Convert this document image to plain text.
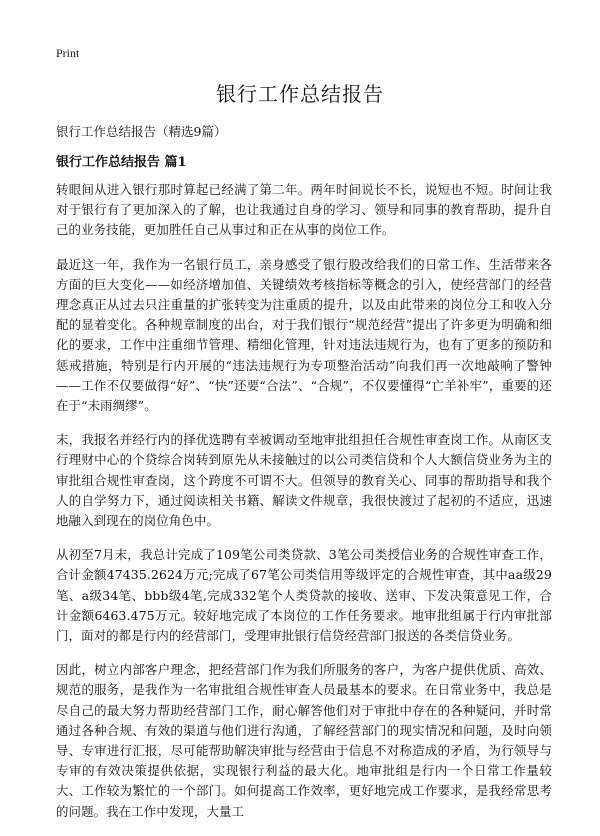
Print
银行工作总结报告

银行工作总结报告（精选9篇）

银行工作总结报告 篇1

转眼间从进入银行那时算起已经满了第二年。两年时间说长不长，说短也不短。时间让我对于银行有了更加深入的了解，也让我通过自身的学习、领导和同事的教育帮助，提升自己的业务技能，更加胜任自己从事过和正在从事的岗位工作。

最近这一年，我作为一名银行员工，亲身感受了银行股改给我们的日常工作、生活带来各方面的巨大变化——如经济增加值、关键绩效考核指标等概念的引入，使经营部门的经营理念真正从过去只注重量的扩张转变为注重质的提升，以及由此带来的岗位分工和收入分配的显着变化。各种规章制度的出台，对于我们银行“规范经营”提出了许多更为明确和细化的要求，工作中注重细节管理、精细化管理，针对违法违规行为，也有了更多的预防和惩戒措施，特别是行内开展的“违法违规行为专项整治活动”向我们再一次地敲响了警钟——工作不仅要做得“好”、“快”还要“合法”、“合规”，不仅要懂得“亡羊补牢”，重要的还在于“未雨绸缪”。

末，我报名并经行内的择优选聘有幸被调动至地审批组担任合规性审查岗工作。从南区支行理财中心的个贷综合岗转到原先从未接触过的以公司类信贷和个人大额信贷业务为主的审批组合规性审查岗，这个跨度不可谓不大。但领导的教育关心、同事的帮助指导和我个人的自学努力下，通过阅读相关书籍、解读文件规章，我很快渡过了起初的不适应，迅速地融入到现在的岗位角色中。

从初至7月末，我总计完成了109笔公司类贷款、3笔公司类授信业务的合规性审查工作，合计金额47435.2624万元;完成了67笔公司类信用等级评定的合规性审查，其中aa级29笔、a级34笔、bbb级4笔,完成332笔个人类贷款的接收、送审、下发决策意见工作，合计金额6463.475万元。较好地完成了本岗位的工作任务要求。地审批组属于行内审批部门，面对的都是行内的经营部门，受理审批银行信贷经营部门报送的各类信贷业务。

因此，树立内部客户理念，把经营部门作为我们所服务的客户，为客户提供优质、高效、规范的服务，是我作为一名审批组合规性审查人员最基本的要求。在日常业务中，我总是尽自己的最大努力帮助经营部门工作，耐心解答他们对于审批中存在的各种疑问，并时常通过各种合规、有效的渠道与他们进行沟通，了解经营部门的现实情况和问题，及时向领导、专审进行汇报，尽可能帮助解决审批与经营由于信息不对称造成的矛盾，为行领导与专审的有效决策提供依据，实现银行利益的最大化。地审批组是行内一个日常工作量较大、工作较为繁忙的一个部门。如何提高工作效率，更好地完成工作要求，是我经常思考的问题。我在工作中发现，大量工
